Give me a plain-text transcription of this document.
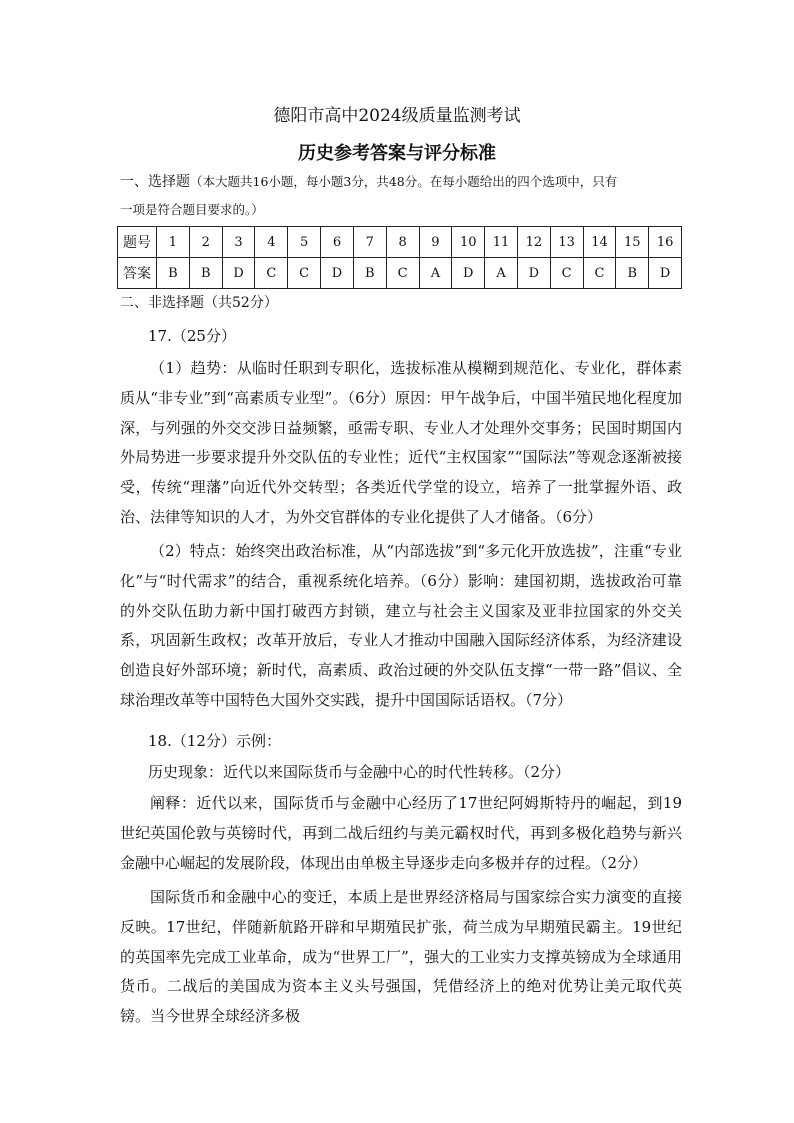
德阳市高中2024级质量监测考试
历史参考答案与评分标准
一、选择题（本大题共16小题，每小题3分，共48分。在每小题给出的四个选项中，只有
一项是符合题目要求的。）
题号	1	2	3	4	5	6	7	8	9	10	11	12	13	14	15	16
答案	B	B	D	C	C	D	B	C	A	D	A	D	C	C	B	D
二、非选择题（共52分）

17.（25分）

（1）趋势：从临时任职到专职化，选拔标准从模糊到规范化、专业化，群体素质从“非专业”到“高素质专业型”。（6分）原因：甲午战争后，中国半殖民地化程度加深，与列强的外交交涉日益频繁，亟需专职、专业人才处理外交事务；民国时期国内外局势进一步要求提升外交队伍的专业性；近代“主权国家”“国际法”等观念逐渐被接受，传统“理藩”向近代外交转型；各类近代学堂的设立，培养了一批掌握外语、政治、法律等知识的人才，为外交官群体的专业化提供了人才储备。（6分）

（2）特点：始终突出政治标准，从“内部选拔”到“多元化开放选拔”，注重“专业化”与“时代需求”的结合，重视系统化培养。（6分）影响：建国初期，选拔政治可靠的外交队伍助力新中国打破西方封锁，建立与社会主义国家及亚非拉国家的外交关系，巩固新生政权；改革开放后，专业人才推动中国融入国际经济体系，为经济建设创造良好外部环境；新时代，高素质、政治过硬的外交队伍支撑“一带一路”倡议、全球治理改革等中国特色大国外交实践，提升中国国际话语权。（7分）

18.（12分）示例：

历史现象：近代以来国际货币与金融中心的时代性转移。（2分）

阐释：近代以来，国际货币与金融中心经历了17世纪阿姆斯特丹的崛起，到19世纪英国伦敦与英镑时代，再到二战后纽约与美元霸权时代，再到多极化趋势与新兴金融中心崛起的发展阶段，体现出由单极主导逐步走向多极并存的过程。（2分）

国际货币和金融中心的变迁，本质上是世界经济格局与国家综合实力演变的直接反映。17世纪，伴随新航路开辟和早期殖民扩张，荷兰成为早期殖民霸主。19世纪的英国率先完成工业革命，成为“世界工厂”，强大的工业实力支撑英镑成为全球通用货币。二战后的美国成为资本主义头号强国，凭借经济上的绝对优势让美元取代英镑。当今世界全球经济多极
